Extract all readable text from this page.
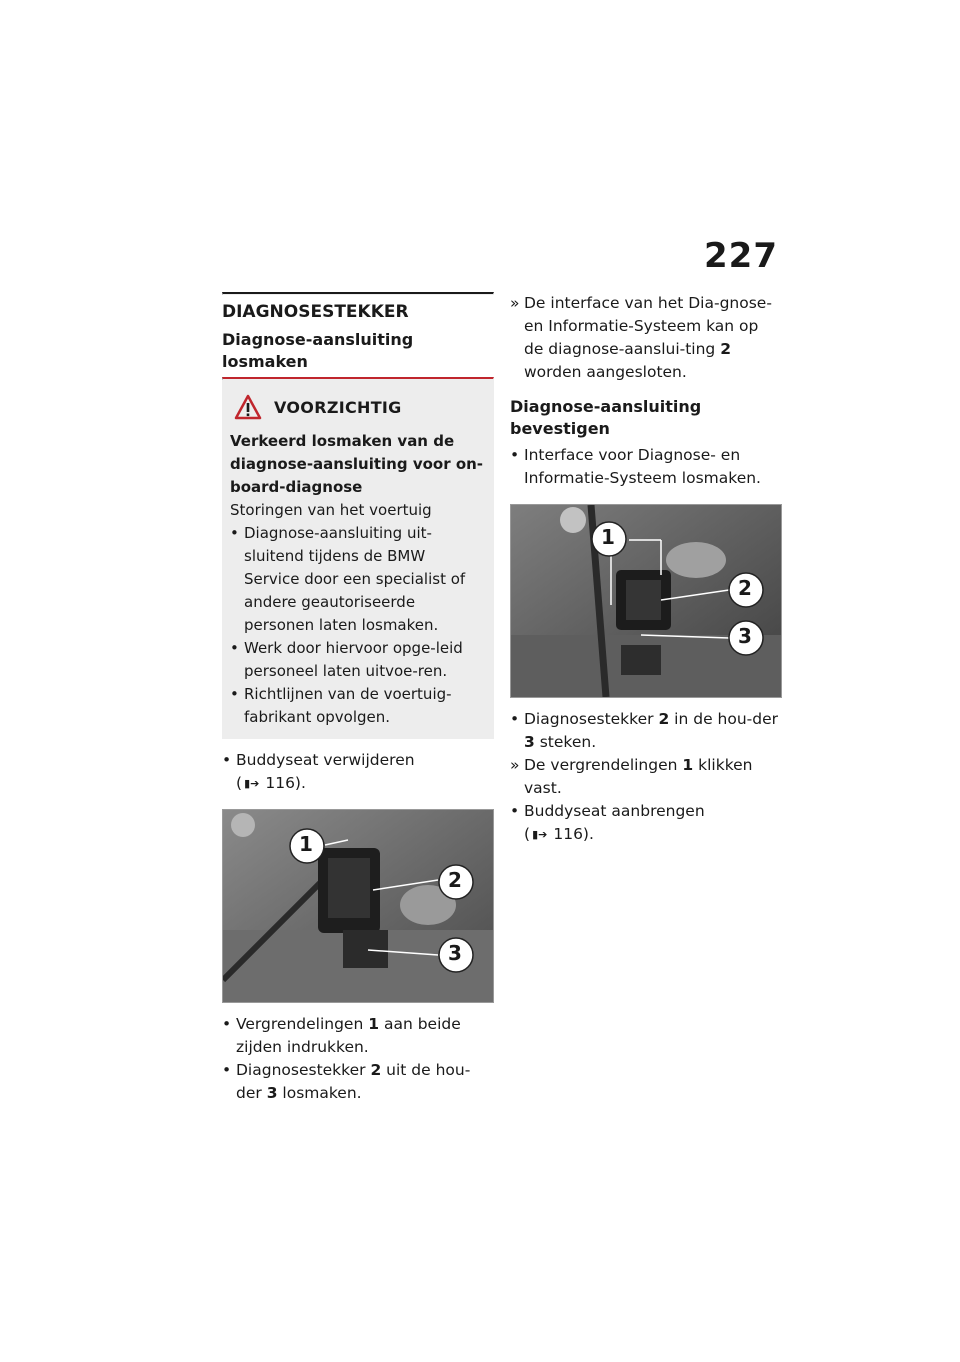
227
DIAGNOSESTEKKER
Diagnose-aansluiting losmaken
VOORZICHTIG
Verkeerd losmaken van de diagnose-aansluiting voor on-board-diagnose
Storingen van het voertuig
• Diagnose-aansluiting uit-sluitend tijdens de BMW Service door een specialist of andere geautoriseerde personen laten losmaken.
• Werk door hiervoor opge-leid personeel laten uitvoe-ren.
• Richtlijnen van de voertuig-fabrikant opvolgen.
• Buddyseat verwijderen
( ▮➔ 116).
1
2
3
• Vergrendelingen 1 aan beide zijden indrukken.
• Diagnosestekker 2 uit de hou-der 3 losmaken.
» De interface van het Dia-gnose- en Informatie-Systeem kan op de diagnose-aanslui-ting 2 worden aangesloten.
Diagnose-aansluiting bevestigen
• Interface voor Diagnose- en Informatie-Systeem losmaken.
1
2
3
• Diagnosestekker 2 in de hou-der 3 steken.
» De vergrendelingen 1 klikken vast.
• Buddyseat aanbrengen
( ▮➔ 116).
